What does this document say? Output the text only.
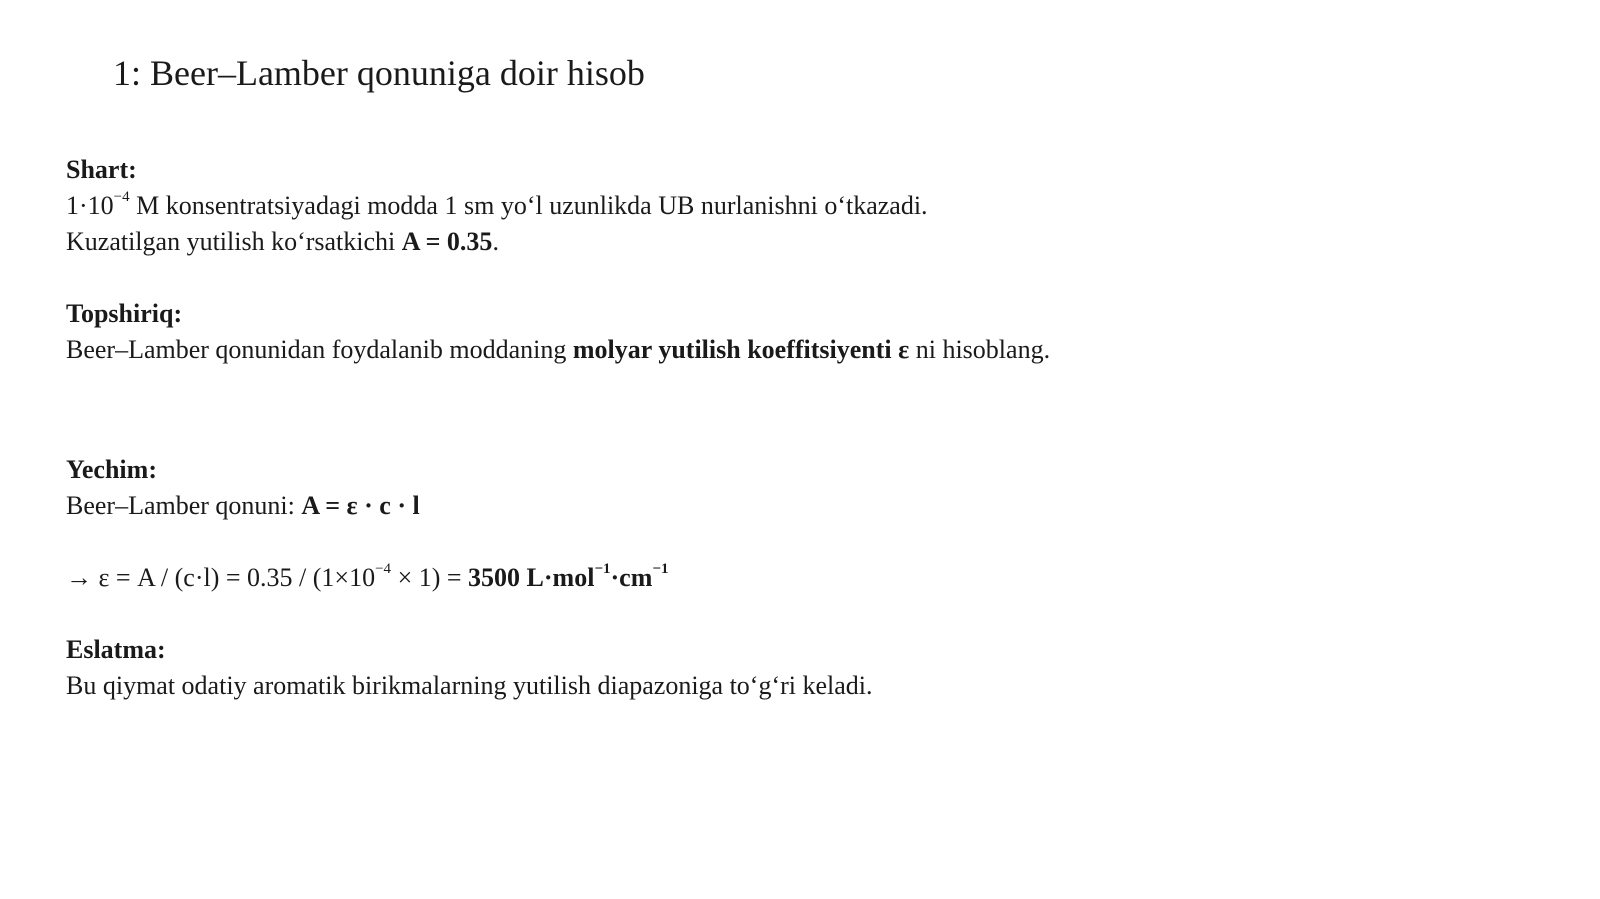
1: Beer–Lamber qonuniga doir hisob
Shart:
$1\cdot 10^{-4}$ M konsentratsiyadagi modda 1 sm yo‘l uzunlikda UB nurlanishni o‘tkazadi.
Kuzatilgan yutilish ko‘rsatkichi A = 0.35.
Topshiriq:
Beer–Lamber qonunidan foydalanib moddaning molyar yutilish koeffitsiyenti ε ni hisoblang.
Yechim:
Beer–Lamber qonuni: A = ε · c · l
→ $\varepsilon = A / (c\cdot l) = 0.35 / (1\times 10^{-4} \times 1) = 3500$ $L\cdot mol^{-1}\cdot cm^{-1}$
Eslatma:
Bu qiymat odatiy aromatik birikmalarning yutilish diapazoniga to‘g‘ri keladi.
